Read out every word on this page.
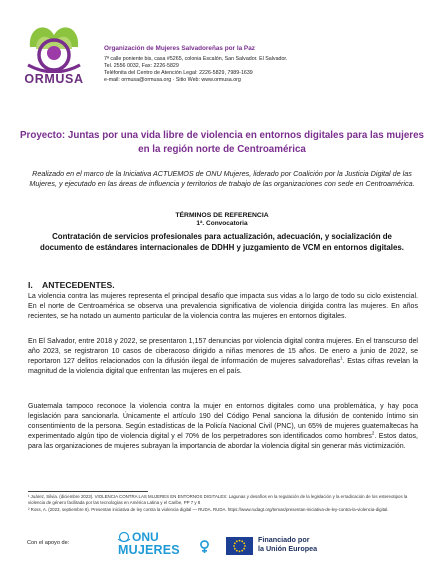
ORMUSA
Organización de Mujeres Salvadoreñas por la Paz
7ª calle poniente bis, casa #5265, colonia Escalón, San Salvador. El Salvador.
Tel. 2556 0032, Fax: 2226-5829
Teléfonita del Centro de Atención Legal: 2226-5829, 7989-1639
e-mail: ormusa@ormusa.org · Sitio Web: www.ormusa.org
Proyecto: Juntas por una vida libre de violencia en entornos digitales para las mujeres en la región norte de Centroamérica
Realizado en el marco de la Iniciativa ACTUEMOS de ONU Mujeres, liderado por Coalición por la Justicia Digital de las Mujeres, y ejecutado en las áreas de influencia y territorios de trabajo de las organizaciones con sede en Centroamérica.
TÉRMINOS DE REFERENCIA
1ª. Convocatoria
Contratación de servicios profesionales para actualización, adecuación, y socialización de documento de estándares internacionales de DDHH y juzgamiento de VCM en entornos digitales.
I. ANTECEDENTES.
La violencia contra las mujeres representa el principal desafío que impacta sus vidas a lo largo de todo su ciclo existencial. En el norte de Centroamérica se observa una prevalencia significativa de violencia dirigida contra las mujeres. En años recientes, se ha notado un aumento particular de la violencia contra las mujeres en entornos digitales.
En El Salvador, entre 2018 y 2022, se presentaron 1,157 denuncias por violencia digital contra mujeres. En el transcurso del año 2023, se registraron 10 casos de ciberacoso dirigido a niñas menores de 15 años. De enero a junio de 2022, se reportaron 127 delitos relacionados con la difusión ilegal de información de mujeres salvadoreñas$^1$. Estas cifras revelan la magnitud de la violencia digital que enfrentan las mujeres en el país.
Guatemala tampoco reconoce la violencia contra la mujer en entornos digitales como una problemática, y hay poca legislación para sancionarla. Únicamente el artículo 190 del Código Penal sanciona la difusión de contenido íntimo sin consentimiento de la persona. Según estadísticas de la Policía Nacional Civil (PNC), un 65% de mujeres guatemaltecas ha experimentado algún tipo de violencia digital y el 70% de los perpetradores son identificados como hombres$^2$. Estos datos, para las organizaciones de mujeres subrayan la importancia de abordar la violencia digital sin generar más victimización.
¹ Juárez, Silvia. (diciembre 2023). VIOLENCIA CONTRA LAS MUJERES EN ENTORNOS DIGITALES: Lagunas y desafíos en la regulación de la legislación y la erradicación de los estereotipos la violencia de género facilitada por las tecnologías en América Latina y el Caribe, PP 7 y 8
² Ross, A. (2023, septiembre 6). Presentan iniciativa de ley contra la violencia digital — RUDA. RUDA. https://www.rudagt.org/temas/presentan-iniciativa-de-ley-contra-la-violencia-digital.
Con el apoyo de:	ONU
MUJERES
Financiado por
la Unión Europea
